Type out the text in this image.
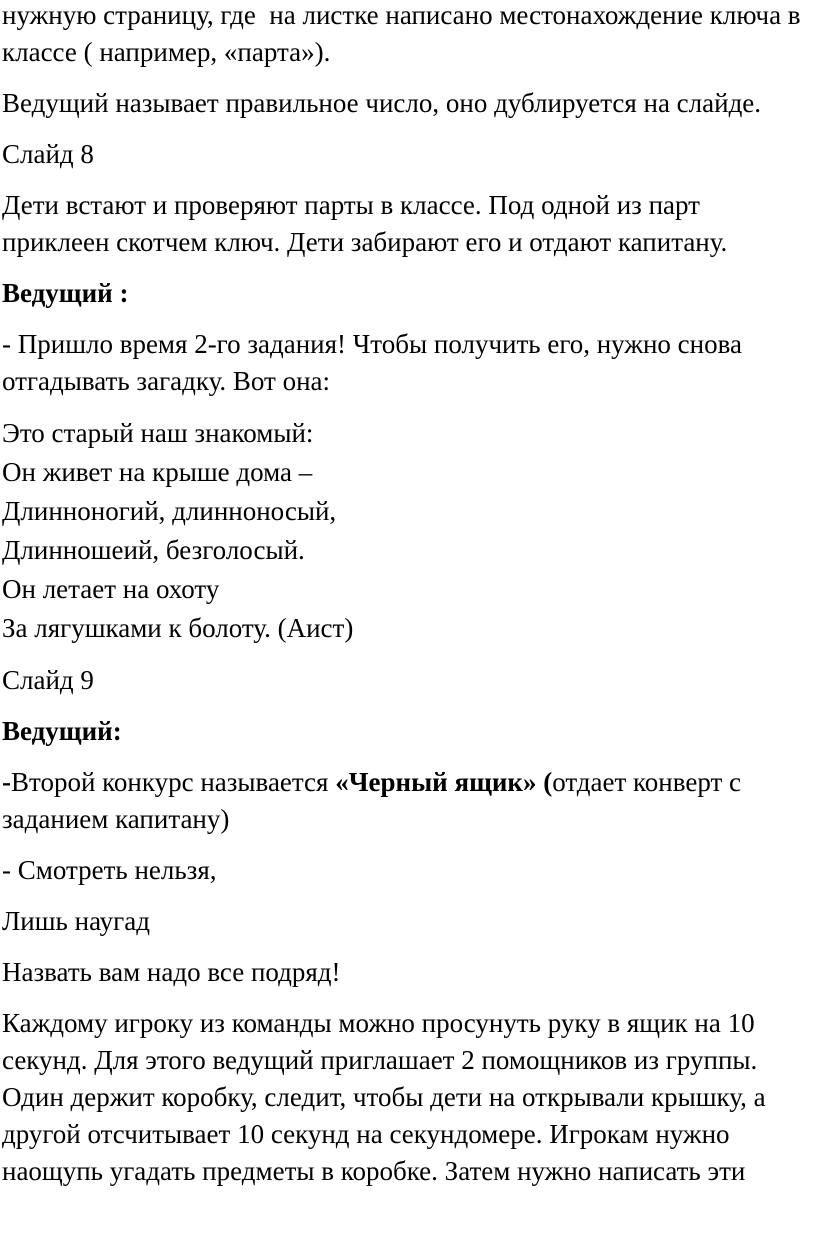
нужную страницу, где  на листке написано местонахождение ключа в классе ( например, «парта»).

Ведущий называет правильное число, оно дублируется на слайде.

Слайд 8

Дети встают и проверяют парты в классе. Под одной из парт приклеен скотчем ключ. Дети забирают его и отдают капитану.

Ведущий :

- Пришло время 2-го задания! Чтобы получить его, нужно снова отгадывать загадку. Вот она:

Это старый наш знакомый:
Он живет на крыше дома –
Длинноногий, длинноносый,
Длинношеий, безголосый.
Он летает на охоту
За лягушками к болоту. (Аист)

Слайд 9

Ведущий:

-Второй конкурс называется «Черный ящик» (отдает конверт с заданием капитану)

- Смотреть нельзя,

Лишь наугад

Назвать вам надо все подряд!

Каждому игроку из команды можно просунуть руку в ящик на 10 секунд. Для этого ведущий приглашает 2 помощников из группы. Один держит коробку, следит, чтобы дети на открывали крышку, а другой отсчитывает 10 секунд на секундомере. Игрокам нужно наощупь угадать предметы в коробке. Затем нужно написать эти
